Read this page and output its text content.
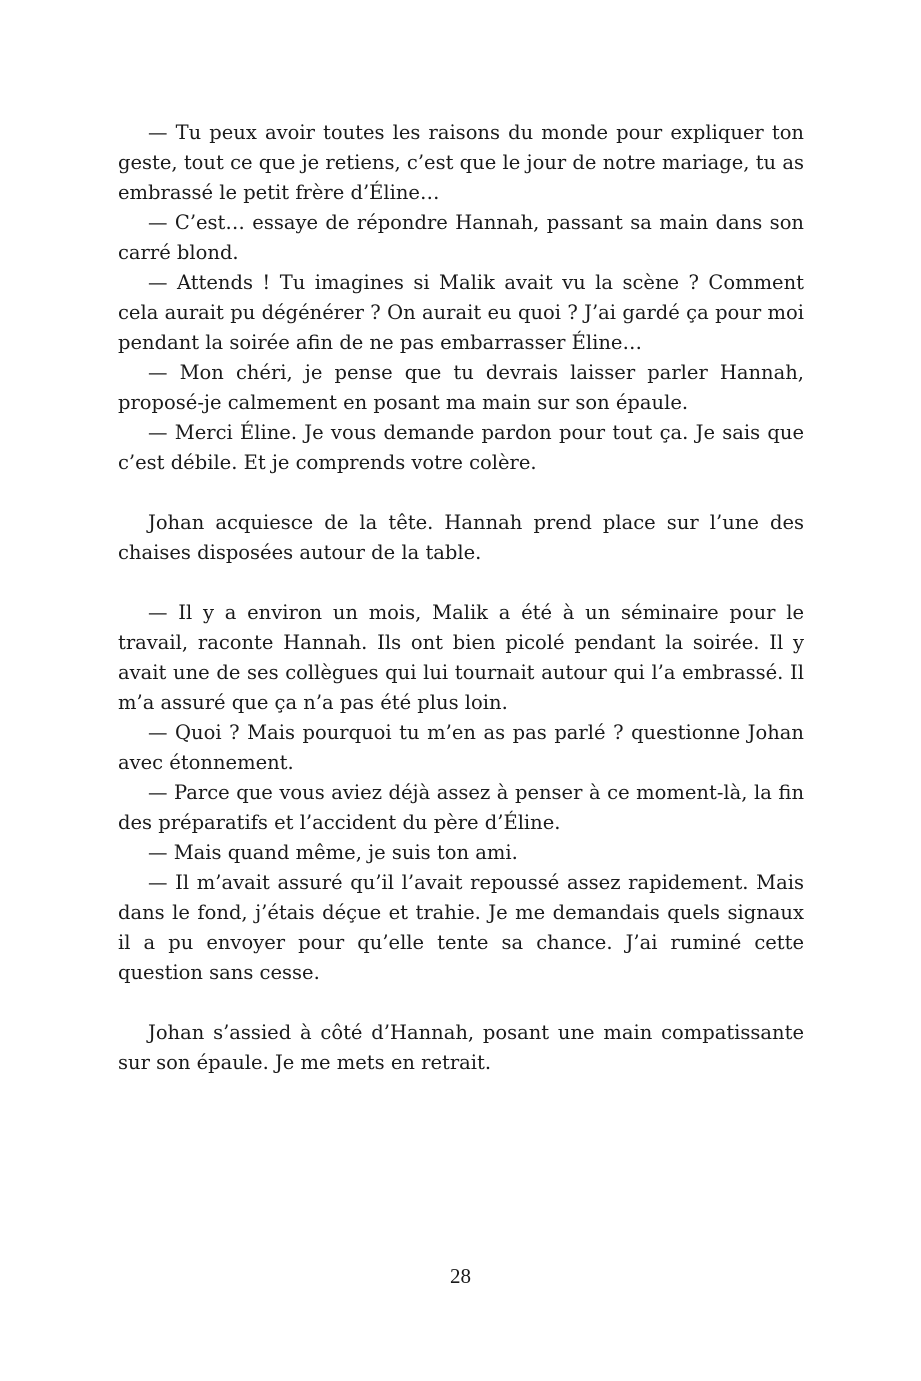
— Tu peux avoir toutes les raisons du monde pour expliquer ton geste, tout ce que je retiens, c’est que le jour de notre mariage, tu as embrassé le petit frère d’Éline…

— C’est… essaye de répondre Hannah, passant sa main dans son carré blond.

— Attends ! Tu imagines si Malik avait vu la scène ? Comment cela aurait pu dégénérer ? On aurait eu quoi ? J’ai gardé ça pour moi pendant la soirée afin de ne pas embarrasser Éline…

— Mon chéri, je pense que tu devrais laisser parler Hannah, proposé-je calmement en posant ma main sur son épaule.

— Merci Éline. Je vous demande pardon pour tout ça. Je sais que c’est débile. Et je comprends votre colère.

Johan acquiesce de la tête. Hannah prend place sur l’une des chaises disposées autour de la table.

— Il y a environ un mois, Malik a été à un séminaire pour le travail, raconte Hannah. Ils ont bien picolé pendant la soirée. Il y avait une de ses collègues qui lui tournait autour qui l’a embrassé. Il m’a assuré que ça n’a pas été plus loin.

— Quoi ? Mais pourquoi tu m’en as pas parlé ? questionne Johan avec étonnement.

— Parce que vous aviez déjà assez à penser à ce moment-là, la fin des préparatifs et l’accident du père d’Éline.

— Mais quand même, je suis ton ami.

— Il m’avait assuré qu’il l’avait repoussé assez rapidement. Mais dans le fond, j’étais déçue et trahie. Je me demandais quels signaux il a pu envoyer pour qu’elle tente sa chance. J’ai ruminé cette question sans cesse.

Johan s’assied à côté d’Hannah, posant une main compatissante sur son épaule. Je me mets en retrait.

28
